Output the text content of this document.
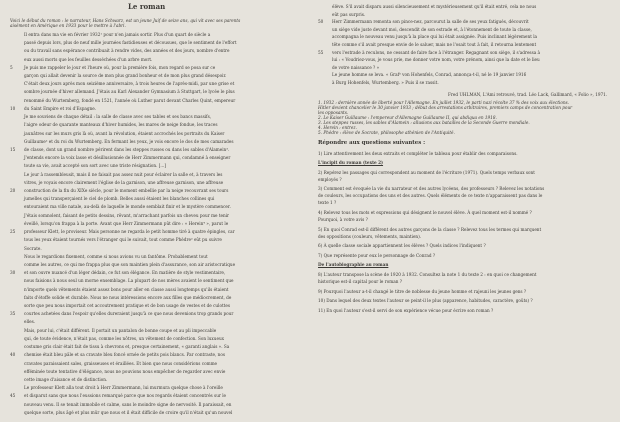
Le roman
Voici le début du roman : le narrateur, Hans Schwarz, est un jeune Juif de seize ans, qui vit avec ses parents
aisément en Amérique en 1933 pour le mettre à l'abri.
Il entra dans ma vie en février 1932¹ pour n'en jamais sortir. Plus d'un quart de siècle a
passé depuis lors, plus de neuf mille journées fastidieuses et décousues, que le sentiment de l'effort
ou du travail sans espérance contribuait à rendre vides, des années et des jours, nombre d'entre
eux aussi morts que les feuilles desséchées d'un arbre mort.
5	Je puis me rappeler le jour et l'heure où, pour la première fois, mon regard se posa sur ce
garçon qui allait devenir la source de mon plus grand bonheur et de mon plus grand désespoir.
C'était deux jours après mon seizième anniversaire, à trois heures de l'après-midi, par une grise et
sombre journée d'hiver allemand. J'étais au Karl Alexander Gymnasium à Stuttgart, le lycée le plus
renommé du Wurtemberg, fondé en 1521, l'année où Luther parut devant Charles Quint, empereur
10	du Saint Empire et roi d'Espagne.
Je me souviens de chaque détail : la salle de classe avec ses tables et ses bancs massifs,
l'aigre odeur de quarante manteaux d'hiver humides, les mares de neige fondue, les traces
jaunâtres sur les murs gris là où, avant la révolution, étaient accrochés les portraits du Kaiser
Guillaume² et du roi du Wurtemberg. En fermant les yeux, je vois encore le dos de mes camarades
15	de classe, dont un grand nombre périrent dans les steppes russes ou dans les sables d'Alamein³.
J'entends encore la voix lasse et désillusionnée de Herr Zimmermann qui, condamné à enseigner
toute sa vie, avait accepté son sort avec une triste résignation. [...]
Le jour à rassembleusit, mais il ne faisait pas assez nuit pour éclairer la salle et, à travers les
vitres, je voyais encore clairement l'église de la garnison, une affreuse garnison, une affreuse
20	construction de la fin du XIXe siècle, pour le moment embellie par la neige recouvrant ses tours
jumelles qui transperçaient le ciel de plomb. Belles aussi étaient les blanches collines qui
entouraient ma ville natale, au-delà de laquelle le monde semblait finir et le mystère commencer.
J'étais somnolent, faisant de petits dessins, rêvant, m'arrachant parfois un cheveu pour me tenir
éveillé, lorsqu'on frappa à la porte. Avant que Herr Zimmermann pût dire : « Herein⁴ », parut le
25	professeur Klett, le proviseur. Mais personne ne regarda le petit homme tiré à quatre épingles, car
tous les yeux étaient tournés vers l'étranger qui le suivait, tout comme Phèdre⁵ eût pu suivre
Socrate.
Nous le regardions fixement, comme si nous avions vu un fantôme. Probablement tout
comme les autres, ce qui me frappa plus que son maintien plein d'assurance, son air aristocratique
30	et son ouvre nuancé d'un léger dédain, ce fut son élégance. En matière de style vestimentaire,
nous faisions à nous seul un morne ensemblage. La plupart de nos mères avaient le sentiment que
n'importe quels vêtements étaient assez bons pour aller en classe aussi longtemps qu'ils étaient
faits d'étoffe solide et durable. Nous ne nous intéressions encore aux filles que médiocrement, de
sorte que peu nous importait cet accoutrement pratique et de bon usage de vestes et de culottes
35	courtes achetées dans l'espoir qu'elles dureraient jusqu'à ce que nous devenions trop grands pour
elles.
Mais, pour lui, c'était différent. Il portait un pantalon de bonne coupe et au pli impeccable
qui, de toute évidence, n'était pas, comme les nôtres, un vêtement de confection. Son luxueux
costume gris clair était fait de tissu à chevrons et, presque certainement, « garanti anglais ». Sa
40	chemise était bleu pâle et sa cravate bleu foncé ornée de petits pois blancs. Par contraste, nos
cravates paraissaient sales, graisseuses et éraillées. Et bien que nous considérions comme
efféminée toute tentative d'élégance, nous ne pouvions nous empêcher de regarder avec envie
cette image d'aisance et de distinction.
Le professeur Klett alla tout droit à Herr Zimmermann, lui murmura quelque chose à l'oreille
45	et disparut sans que nous l'eussions remarqué parce que nos regards étaient concentrés sur le
nouveau venu. Il se tenait immobile et calme, sans le moindre signe de nervosité. Il paraissait, en
quelque sorte, plus âgé et plus mûr que nous et il était difficile de croire qu'il n'était qu'un nouvel
élève. S'il avait disparu aussi silencieusement et mystérieusement qu'il était entré, cela ne nous
eût pas surpris.
50	Herr Zimmermann remonta son pince-nez, parcourut la salle de ses yeux fatigués, découvrit
un siège vide juste devant moi, descendit de son estrade et, à l'étonnement de toute la classe,
accompagna le nouveau venu jusqu'à la place qui lui était assignée. Puis inclinant légèrement la
tête comme s'il avait presque envie de le saluer, mais ne l'osait tout à fait, il retourna lentement
55	vers l'estrade à reculons, ne cessant de faire face à l'étranger. Regagnant son siège, il s'adressa à
lui : « Voudriez-vous, je vous prie, me donner votre nom, votre prénom, ainsi que la date et le lieu
de votre naissance ? »
Le jeune homme se leva. « Graf⁶ von Hohenfels, Conrad, annonça-t-il, né le 19 janvier 1916
à Burg Hohenfels, Wurtemberg. » Puis il se rassit.
Fred UHLMAN, L'Ami retrouvé, trad. Léo Lack, Gallimard, « Folio », 1971.
1. 1932 : dernière année de liberté pour l'Allemagne. En juillet 1932, le parti nazi récolte 37 % des voix aux élections.
Hitler devient chancelier le 30 janvier 1933 ; début des arrestations arbitraires, premiers camps de concentration pour
les opposants.
2. Le Kaiser Guillaume : l'empereur d'Allemagne Guillaume II, qui abdiqua en 1918.
3. Les steppes russes, les sables d'Alamein : allusions aux batailles de la Seconde Guerre mondiale.
4. Herein : entrez.
5. Phèdre : élève de Socrate, philosophe athénien de l'Antiquité.
Répondre aux questions suivantes :
1) Lire attentivement les deux extraits et compléter le tableau pour établir des comparaisons.
L'incipit du roman (texte 2)
2) Repérez les passages qui correspondent au moment de l'écriture (1971). Quels temps verbaux sont
employés ?
3) Comment est évoquée la vie du narrateur et des autres lycéens, des professeurs ? Relevez les notations
de couleurs, les occupations des uns et des autres. Quels éléments de ce texte n'apparaissent pas dans le
texte 1 ?
4) Relevez tous les mots et expressions qui désignent le nouvel élève. À quel moment est-il nommé ?
Pourquoi, à votre avis ?
5) En quoi Conrad est-il différent des autres garçons de la classe ? Relevez tous les termes qui marquent
des oppositions (couleurs, vêtements, maintien).
6) À quelle classe sociale appartiennent les élèves ? Quels indices l'indiquent ?
7) Que représente pour eux le personnage de Conrad ?
De l'autobiographie au roman
8) L'auteur transpose la scène de 1920 à 1932. Consultez la note 1 du texte 2 : en quoi ce changement
historique est-il capital pour le roman ?
9) Pourquoi l'auteur a-t-il changé le titre de noblesse du jeune homme et rajeuni les jeunes gens ?
10) Dans lequel des deux textes l'auteur se peint-il le plus (apparence, habitudes, caractère, goûts) ?
11) En quoi l'auteur s'est-il servi de son expérience vécue pour écrire son roman ?
